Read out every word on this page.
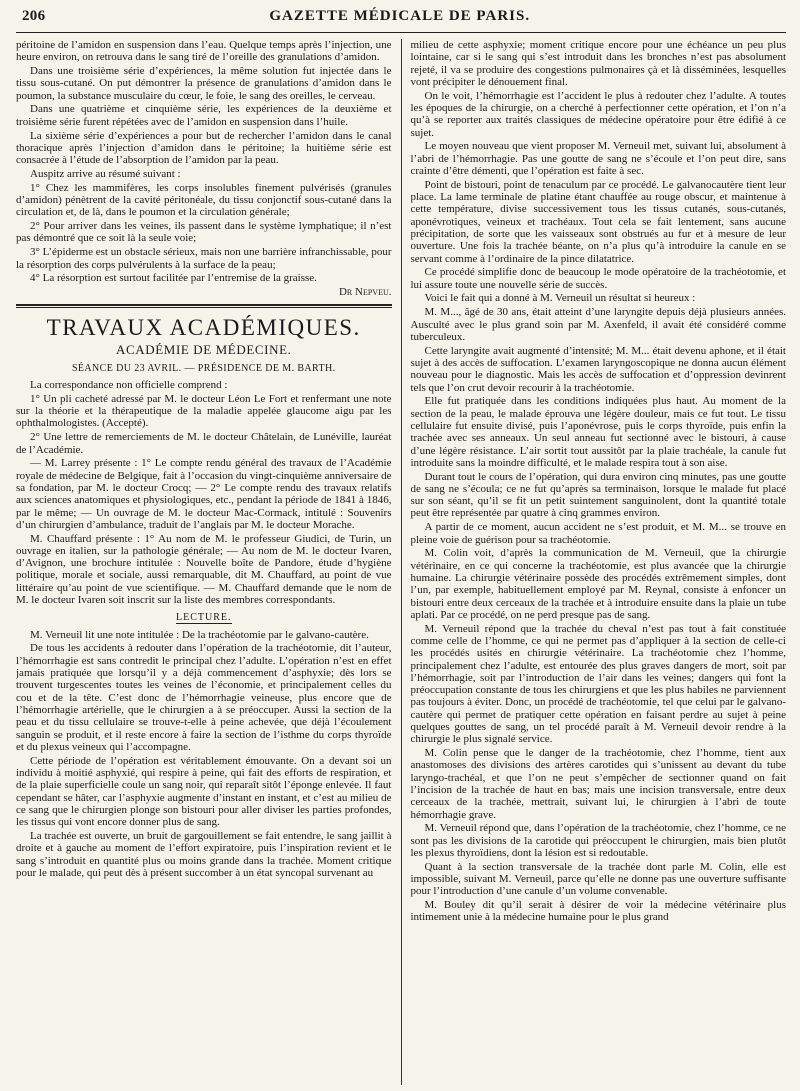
206	GAZETTE MÉDICALE DE PARIS.

péritoine de l’amidon en suspension dans l’eau. Quelque temps après l’injection, une heure environ, on retrouva dans le sang tiré de l’oreille des granulations d’amidon.

Dans une troisième série d’expériences, la même solution fut injectée dans le tissu sous-cutané. On put démontrer la présence de granulations d’amidon dans le poumon, la substance musculaire du cœur, le foie, le sang des oreilles, le cerveau.

Dans une quatrième et cinquième série, les expériences de la deuxième et troisième série furent répétées avec de l’amidon en suspension dans l’huile.

La sixième série d’expériences a pour but de rechercher l’amidon dans le canal thoracique après l’injection d’amidon dans le péritoine; la huitième série est consacrée à l’étude de l’absorption de l’amidon par la peau.

Auspitz arrive au résumé suivant :

1° Chez les mammifères, les corps insolubles finement pulvérisés (granules d’amidon) pénètrent de la cavité péritonéale, du tissu conjonctif sous-cutané dans la circulation et, de là, dans le poumon et la circulation générale;

2° Pour arriver dans les veines, ils passent dans le système lymphatique; il n’est pas démontré que ce soit là la seule voie;

3° L’épiderme est un obstacle sérieux, mais non une barrière infranchissable, pour la résorption des corps pulvérulents à la surface de la peau;

4° La résorption est surtout facilitée par l’entremise de la graisse.

Dr Nepveu.

TRAVAUX ACADÉMIQUES.
ACADÉMIE DE MÉDECINE.
SÉANCE DU 23 AVRIL. — PRÉSIDENCE DE M. BARTH.

La correspondance non officielle comprend :

1° Un pli cacheté adressé par M. le docteur Léon Le Fort et renfermant une note sur la théorie et la thérapeutique de la maladie appelée glaucome aigu par les ophthalmologistes. (Accepté).

2° Une lettre de remerciements de M. le docteur Châtelain, de Lunéville, lauréat de l’Académie.

— M. Larrey présente : 1° Le compte rendu général des travaux de l’Académie royale de médecine de Belgique, fait à l’occasion du vingt-cinquième anniversaire de sa fondation, par M. le docteur Crocq; — 2° Le compte rendu des travaux relatifs aux sciences anatomiques et physiologiques, etc., pendant la période de 1841 à 1846, par le même; — Un ouvrage de M. le docteur Mac-Cormack, intitulé : Souvenirs d’un chirurgien d’ambulance, traduit de l’anglais par M. le docteur Morache.

M. Chauffard présente : 1° Au nom de M. le professeur Giudici, de Turin, un ouvrage en italien, sur la pathologie générale; — Au nom de M. le docteur Ivaren, d’Avignon, une brochure intitulée : Nouvelle boîte de Pandore, étude d’hygiène politique, morale et sociale, aussi remarquable, dit M. Chauffard, au point de vue littéraire qu’au point de vue scientifique. — M. Chauffard demande que le nom de M. le docteur Ivaren soit inscrit sur la liste des membres correspondants.

LECTURE.

M. Verneuil lit une note intitulée : De la trachéotomie par le galvano-cautère.

De tous les accidents à redouter dans l’opération de la trachéotomie, dit l’auteur, l’hémorrhagie est sans contredit le principal chez l’adulte. L’opération n’est en effet jamais pratiquée que lorsqu’il y a déjà commencement d’asphyxie; dès lors se trouvent turgescentes toutes les veines de l’économie, et principalement celles du cou et de la tête. C’est donc de l’hémorrhagie veineuse, plus encore que de l’hémorrhagie artérielle, que le chirurgien a à se préoccuper. Aussi la section de la peau et du tissu cellulaire se trouve-t-elle à peine achevée, que déjà l’écoulement sanguin se produit, et il reste encore à faire la section de l’isthme du corps thyroïde et du plexus veineux qui l’accompagne.

Cette période de l’opération est véritablement émouvante. On a devant soi un individu à moitié asphyxié, qui respire à peine, qui fait des efforts de respiration, et de la plaie superficielle coule un sang noir, qui reparaît sitôt l’éponge enlevée. Il faut cependant se hâter, car l’asphyxie augmente d’instant en instant, et c’est au milieu de ce sang que le chirurgien plonge son bistouri pour aller diviser les parties profondes, les tissus qui vont encore donner plus de sang.

La trachée est ouverte, un bruit de gargouillement se fait entendre, le sang jaillit à droite et à gauche au moment de l’effort expiratoire, puis l’inspiration revient et le sang s’introduit en quantité plus ou moins grande dans la trachée. Moment critique pour le malade, qui peut dès à présent succomber à un état syncopal survenant au

milieu de cette asphyxie; moment critique encore pour une échéance un peu plus lointaine, car si le sang qui s’est introduit dans les bronches n’est pas absolument rejeté, il va se produire des congestions pulmonaires çà et là disséminées, lesquelles vont précipiter le dénouement final.

On le voit, l’hémorrhagie est l’accident le plus à redouter chez l’adulte. A toutes les époques de la chirurgie, on a cherché à perfectionner cette opération, et l’on n’a qu’à se reporter aux traités classiques de médecine opératoire pour être édifié à ce sujet.

Le moyen nouveau que vient proposer M. Verneuil met, suivant lui, absolument à l’abri de l’hémorrhagie. Pas une goutte de sang ne s’écoule et l’on peut dire, sans crainte d’être démenti, que l’opération est faite à sec.

Point de bistouri, point de tenaculum par ce procédé. Le galvanocautère tient leur place. La lame terminale de platine étant chauffée au rouge obscur, et maintenue à cette température, divise successivement tous les tissus cutanés, sous-cutanés, aponévrotiques, veineux et trachéaux. Tout cela se fait lentement, sans aucune précipitation, de sorte que les vaisseaux sont obstrués au fur et à mesure de leur ouverture. Une fois la trachée béante, on n’a plus qu’à introduire la canule en se servant comme à l’ordinaire de la pince dilatatrice.

Ce procédé simplifie donc de beaucoup le mode opératoire de la trachéotomie, et lui assure toute une nouvelle série de succès.

Voici le fait qui a donné à M. Verneuil un résultat si heureux :

M. M..., âgé de 30 ans, était atteint d’une laryngite depuis déjà plusieurs années. Ausculté avec le plus grand soin par M. Axenfeld, il avait été considéré comme tuberculeux.

Cette laryngite avait augmenté d’intensité; M. M... était devenu aphone, et il était sujet à des accès de suffocation. L’examen laryngoscopique ne donna aucun élément nouveau pour le diagnostic. Mais les accès de suffocation et d’oppression devinrent tels que l’on crut devoir recourir à la trachéotomie.

Elle fut pratiquée dans les conditions indiquées plus haut. Au moment de la section de la peau, le malade éprouva une légère douleur, mais ce fut tout. Le tissu cellulaire fut ensuite divisé, puis l’aponévrose, puis le corps thyroïde, puis enfin la trachée avec ses anneaux. Un seul anneau fut sectionné avec le bistouri, à cause d’une légère résistance. L’air sortit tout aussitôt par la plaie trachéale, la canule fut introduite sans la moindre difficulté, et le malade respira tout à son aise.

Durant tout le cours de l’opération, qui dura environ cinq minutes, pas une goutte de sang ne s’écoula; ce ne fut qu’après sa terminaison, lorsque le malade fut placé sur son séant, qu’il se fit un petit suintement sanguinolent, dont la quantité totale peut être représentée par quatre à cinq grammes environ.

A partir de ce moment, aucun accident ne s’est produit, et M. M... se trouve en pleine voie de guérison pour sa trachéotomie.

M. Colin voit, d’après la communication de M. Verneuil, que la chirurgie vétérinaire, en ce qui concerne la trachéotomie, est plus avancée que la chirurgie humaine. La chirurgie vétérinaire possède des procédés extrêmement simples, dont l’un, par exemple, habituellement employé par M. Reynal, consiste à enfoncer un bistouri entre deux cerceaux de la trachée et à introduire ensuite dans la plaie un tube aplati. Par ce procédé, on ne perd presque pas de sang.

M. Verneuil répond que la trachée du cheval n’est pas tout à fait constituée comme celle de l’homme, ce qui ne permet pas d’appliquer à la section de celle-ci les procédés usités en chirurgie vétérinaire. La trachéotomie chez l’homme, principalement chez l’adulte, est entourée des plus graves dangers de mort, soit par l’hémorrhagie, soit par l’introduction de l’air dans les veines; dangers qui font la préoccupation constante de tous les chirurgiens et que les plus habiles ne parviennent pas toujours à éviter. Donc, un procédé de trachéotomie, tel que celui par le galvano-cautère qui permet de pratiquer cette opération en faisant perdre au sujet à peine quelques gouttes de sang, un tel procédé paraît à M. Verneuil devoir rendre à la chirurgie le plus signalé service.

M. Colin pense que le danger de la trachéotomie, chez l’homme, tient aux anastomoses des divisions des artères carotides qui s’unissent au devant du tube laryngo-trachéal, et que l’on ne peut s’empêcher de sectionner quand on fait l’incision de la trachée de haut en bas; mais une incision transversale, entre deux cerceaux de la trachée, mettrait, suivant lui, le chirurgien à l’abri de toute hémorrhagie grave.

M. Verneuil répond que, dans l’opération de la trachéotomie, chez l’homme, ce ne sont pas les divisions de la carotide qui préoccupent le chirurgien, mais bien plutôt les plexus thyroïdiens, dont la lésion est si redoutable.

Quant à la section transversale de la trachée dont parle M. Colin, elle est impossible, suivant M. Verneuil, parce qu’elle ne donne pas une ouverture suffisante pour l’introduction d’une canule d’un volume convenable.

M. Bouley dit qu’il serait à désirer de voir la médecine vétérinaire plus intimement unie à la médecine humaine pour le plus grand
